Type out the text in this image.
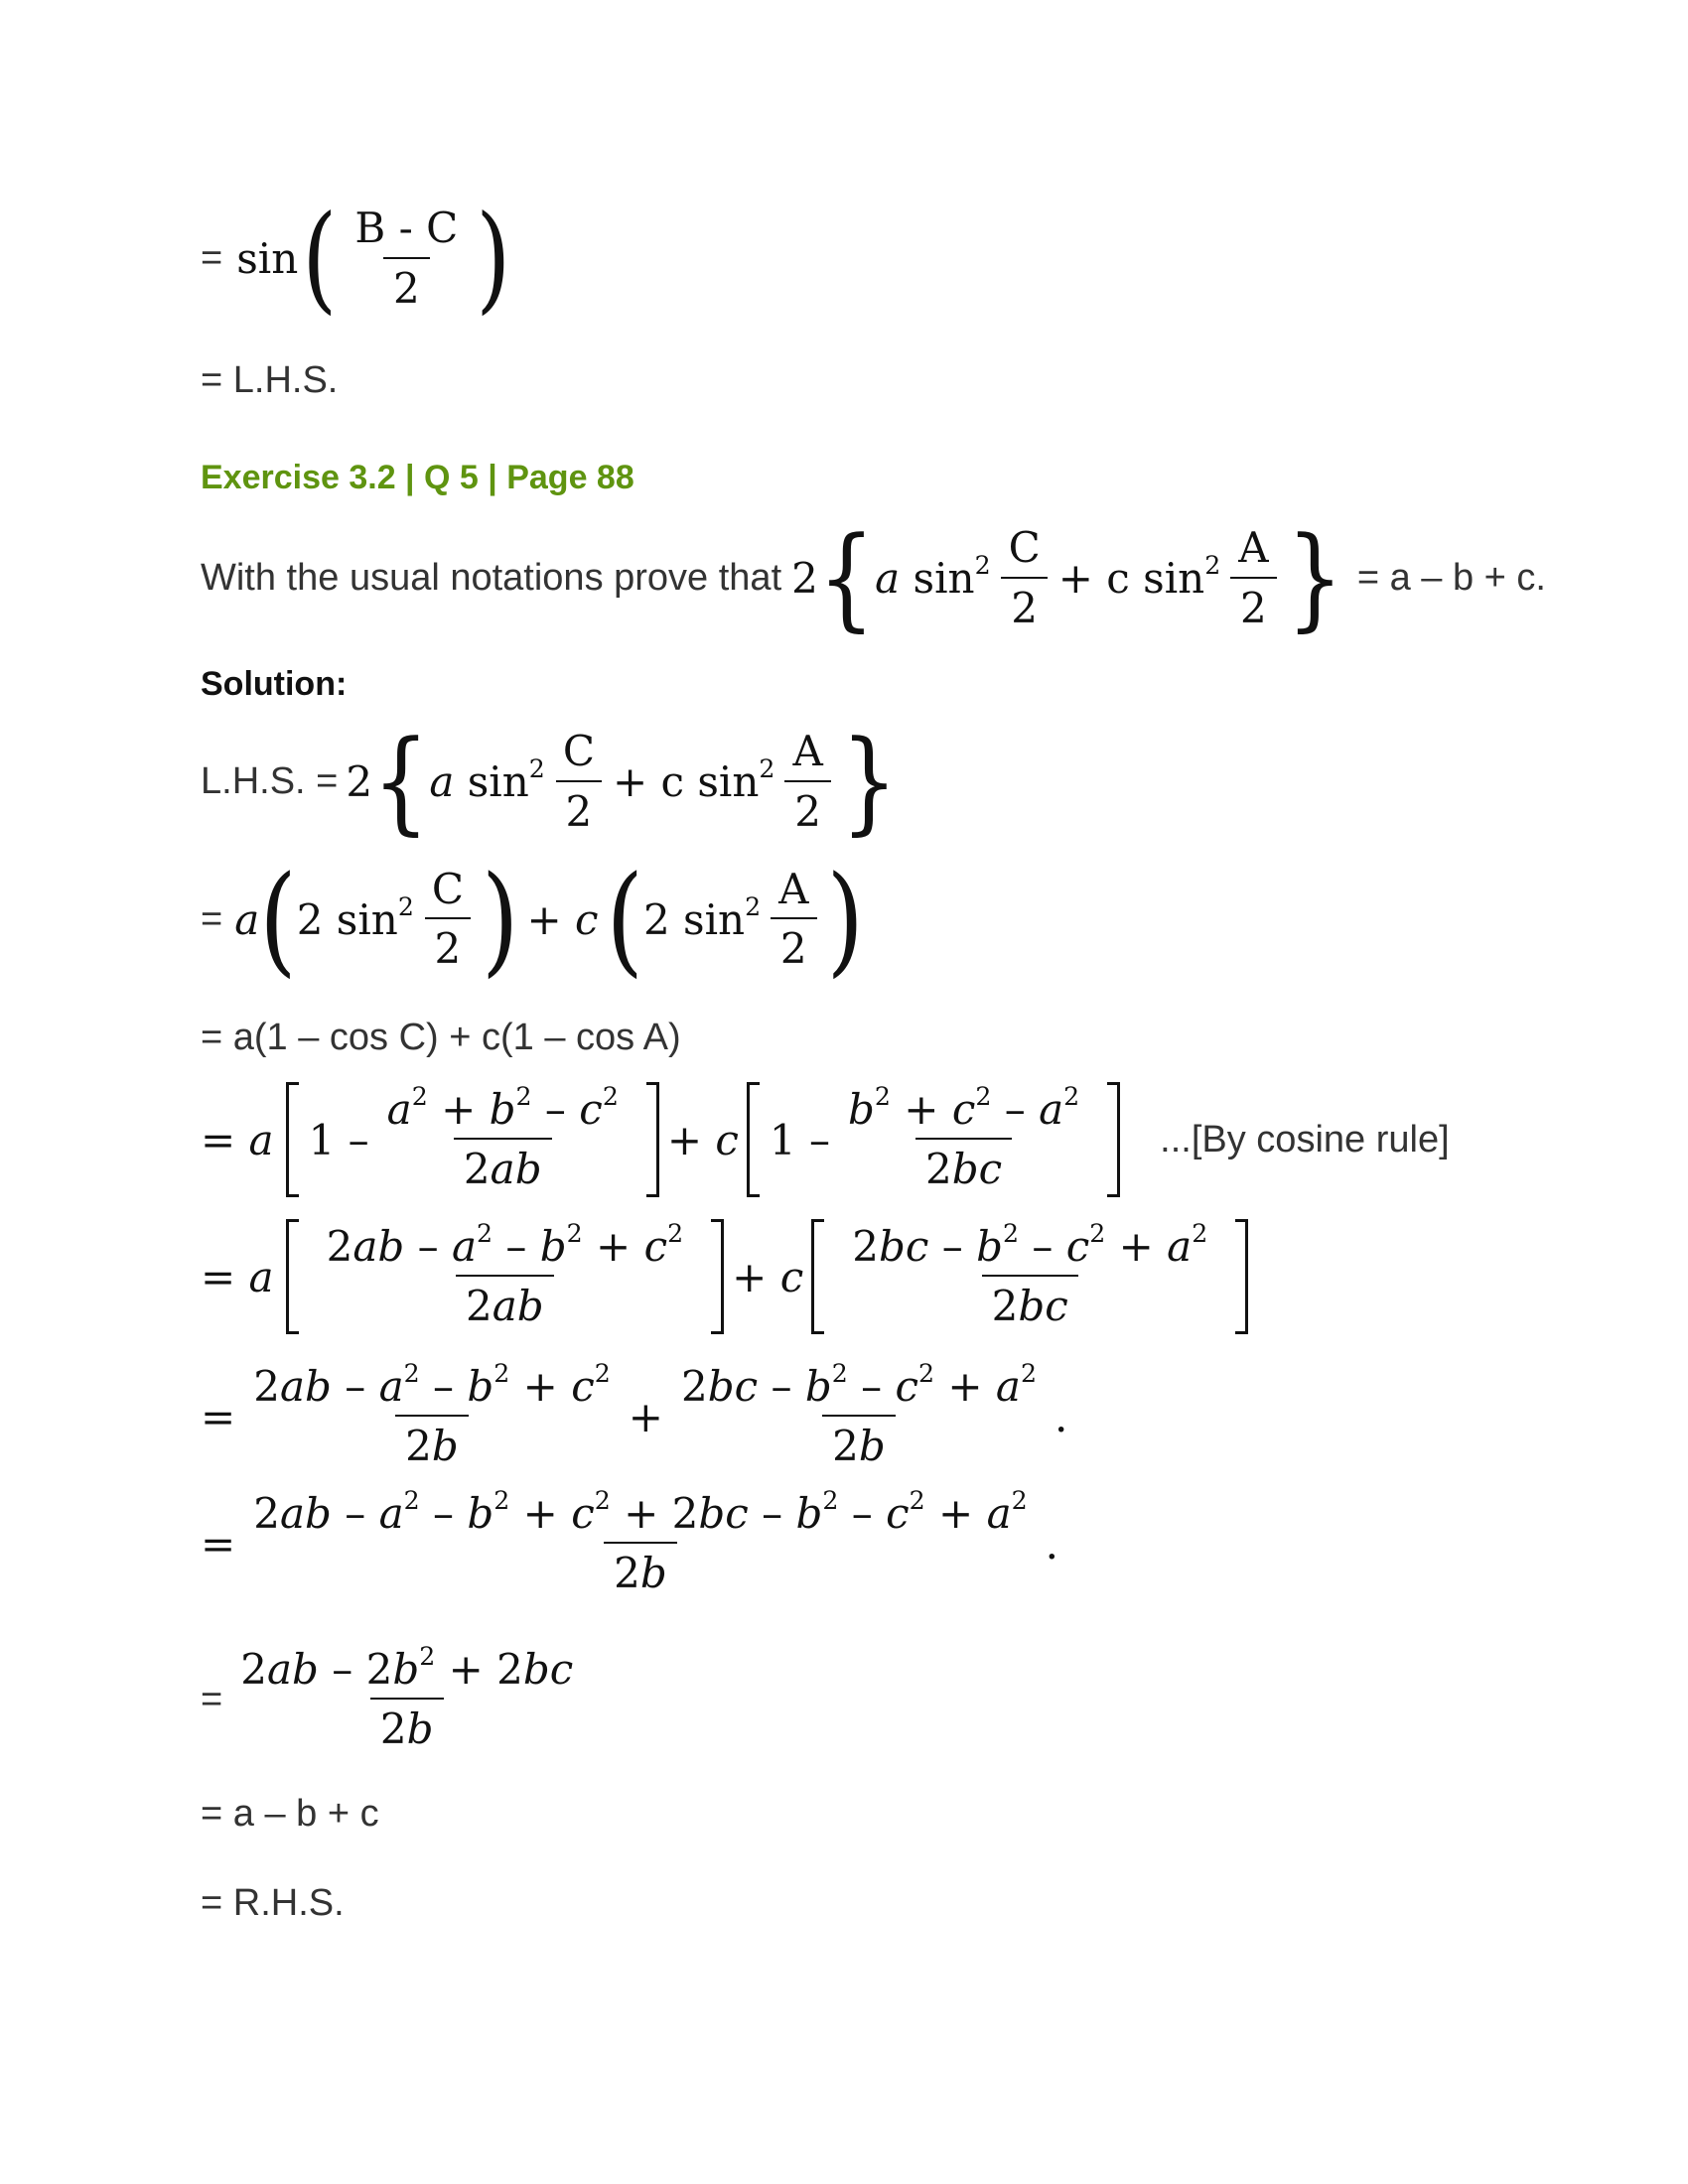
= sin ( $\frac{B - C}{2}$ )
= L.H.S.
Exercise 3.2 | Q 5 | Page 88
With the usual notations prove that 2 { a $\sin^2 \frac{C}{2} + c$ $\sin^2 \frac{A}{2}$ } = a – b + c.
Solution:
L.H.S. = 2 { a $\sin^2 \frac{C}{2} + c$ $\sin^2 \frac{A}{2}$ }
= a ( 2 $\sin^2 \frac{C}{2}$ ) + c ( 2 $\sin^2 \frac{A}{2}$ )
= a(1 – cos C) + c(1 – cos A)
= a $1 - \frac{a^2 + b^2 - c^2}{2ab} + c$ $1 - \frac{b^2 + c^2 - a^2}{2bc} ...[By$ cosine rule]
= a $\frac{2ab - a^2 - b^2 + c^2}{2ab} + c \frac{2bc - b^2 - c^2 + a^2}{2bc}$
= $\frac{2ab - a^2 - b^2 + c^2}{2b} + \frac{2bc - b^2 - c^2 + a^2}{2b}$ .
= $\frac{2ab - a^2 - b^2 + c^2 + 2bc - b^2 - c^2 + a^2}{2b}$ .
= $\frac{2ab - 2b^2 + 2bc}{2b}$
= a – b + c
= R.H.S.
